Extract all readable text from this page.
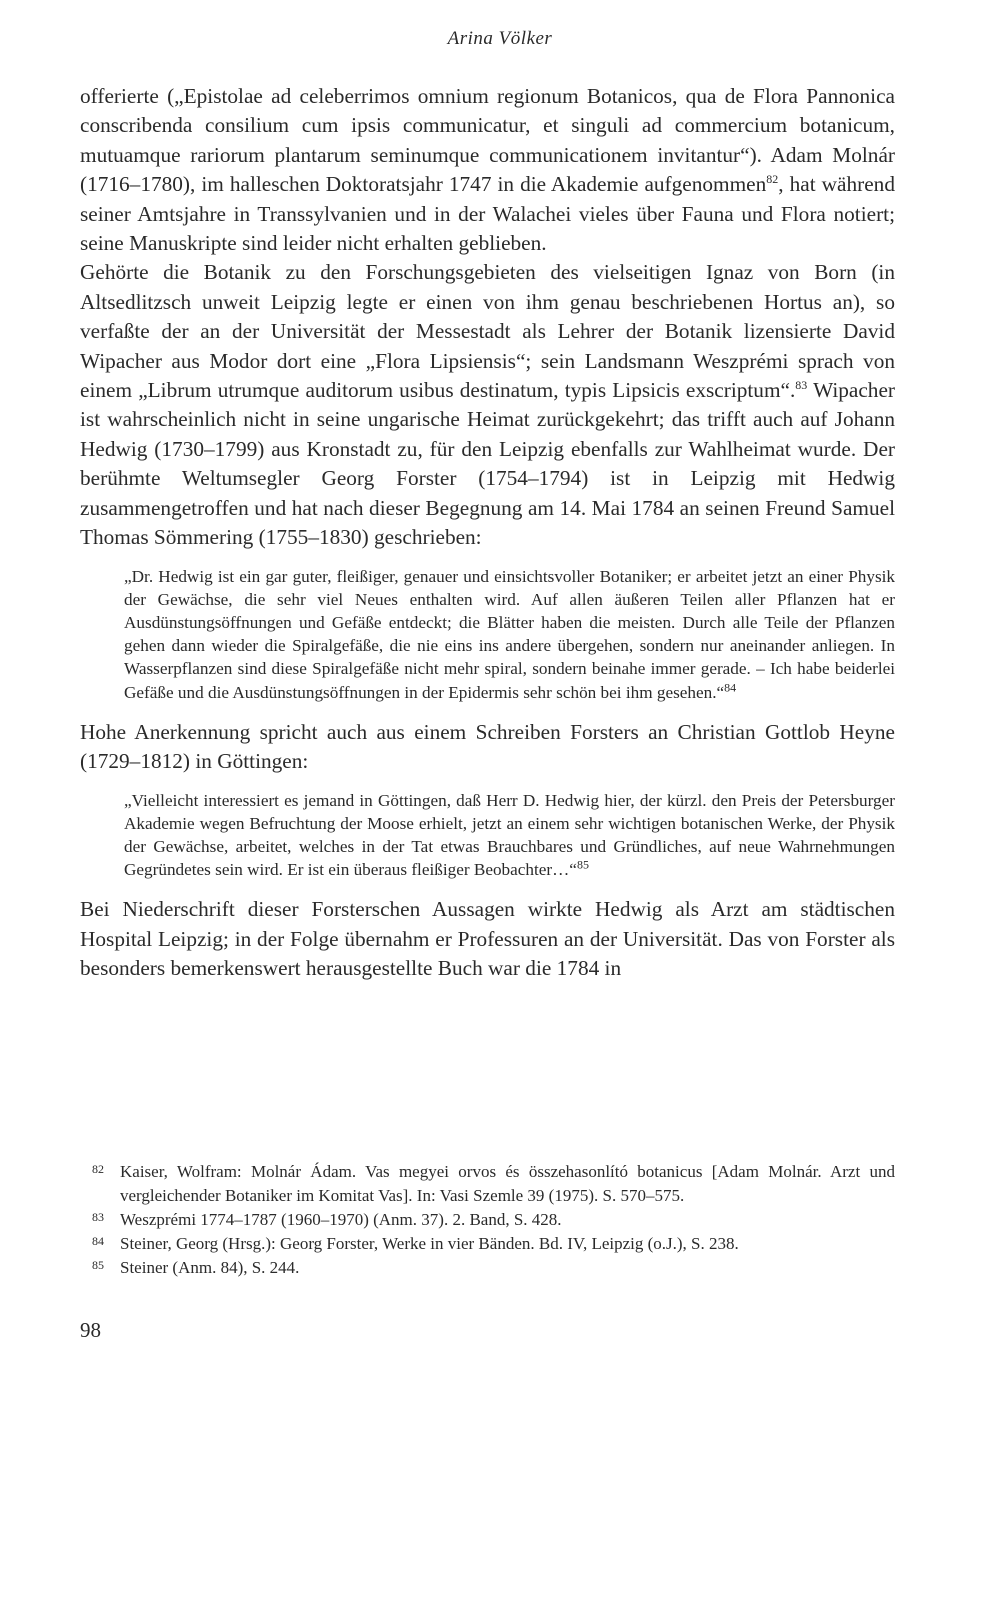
Arina Völker

offerierte („Epistolae ad celeberrimos omnium regionum Botanicos, qua de Flora Pannonica conscribenda consilium cum ipsis communicatur, et singuli ad commercium botanicum, mutuamque rariorum plantarum seminumque communicationem invitantur“). Adam Molnár (1716–1780), im halleschen Doktoratsjahr 1747 in die Akademie aufgenommen$^{82}$, hat während seiner Amtsjahre in Transsylvanien und in der Walachei vieles über Fauna und Flora notiert; seine Manuskripte sind leider nicht erhalten geblieben.

Gehörte die Botanik zu den Forschungsgebieten des vielseitigen Ignaz von Born (in Altsedlitzsch unweit Leipzig legte er einen von ihm genau beschriebenen Hortus an), so verfaßte der an der Universität der Messestadt als Lehrer der Botanik lizensierte David Wipacher aus Modor dort eine „Flora Lipsiensis“; sein Landsmann Weszprémi sprach von einem „Librum utrumque auditorum usibus destinatum, typis Lipsicis exscriptum“.$^{83}$ Wipacher ist wahrscheinlich nicht in seine ungarische Heimat zurückgekehrt; das trifft auch auf Johann Hedwig (1730–1799) aus Kronstadt zu, für den Leipzig ebenfalls zur Wahlheimat wurde. Der berühmte Weltumsegler Georg Forster (1754–1794) ist in Leipzig mit Hedwig zusammengetroffen und hat nach dieser Begegnung am 14. Mai 1784 an seinen Freund Samuel Thomas Sömmering (1755–1830) geschrieben:

„Dr. Hedwig ist ein gar guter, fleißiger, genauer und einsichtsvoller Botaniker; er arbeitet jetzt an einer Physik der Gewächse, die sehr viel Neues enthalten wird. Auf allen äußeren Teilen aller Pflanzen hat er Ausdünstungsöffnungen und Gefäße entdeckt; die Blätter haben die meisten. Durch alle Teile der Pflanzen gehen dann wieder die Spiralgefäße, die nie eins ins andere übergehen, sondern nur aneinander anliegen. In Wasserpflanzen sind diese Spiralgefäße nicht mehr spiral, sondern beinahe immer gerade. – Ich habe beiderlei Gefäße und die Ausdünstungsöffnungen in der Epidermis sehr schön bei ihm gesehen.“$^{84}$

Hohe Anerkennung spricht auch aus einem Schreiben Forsters an Christian Gottlob Heyne (1729–1812) in Göttingen:

„Vielleicht interessiert es jemand in Göttingen, daß Herr D. Hedwig hier, der kürzl. den Preis der Petersburger Akademie wegen Befruchtung der Moose erhielt, jetzt an einem sehr wichtigen botanischen Werke, der Physik der Gewächse, arbeitet, welches in der Tat etwas Brauchbares und Gründliches, auf neue Wahrnehmungen Gegründetes sein wird. Er ist ein überaus fleißiger Beobachter…“$^{85}$

Bei Niederschrift dieser Forsterschen Aussagen wirkte Hedwig als Arzt am städtischen Hospital Leipzig; in der Folge übernahm er Professuren an der Universität. Das von Forster als besonders bemerkenswert herausgestellte Buch war die 1784 in

82 Kaiser, Wolfram: Molnár Ádam. Vas megyei orvos és összehasonlító botanicus [Adam Molnár. Arzt und vergleichender Botaniker im Komitat Vas]. In: Vasi Szemle 39 (1975). S. 570–575.
83 Weszprémi 1774–1787 (1960–1970) (Anm. 37). 2. Band, S. 428.
84 Steiner, Georg (Hrsg.): Georg Forster, Werke in vier Bänden. Bd. IV, Leipzig (o.J.), S. 238.
85 Steiner (Anm. 84), S. 244.
98
